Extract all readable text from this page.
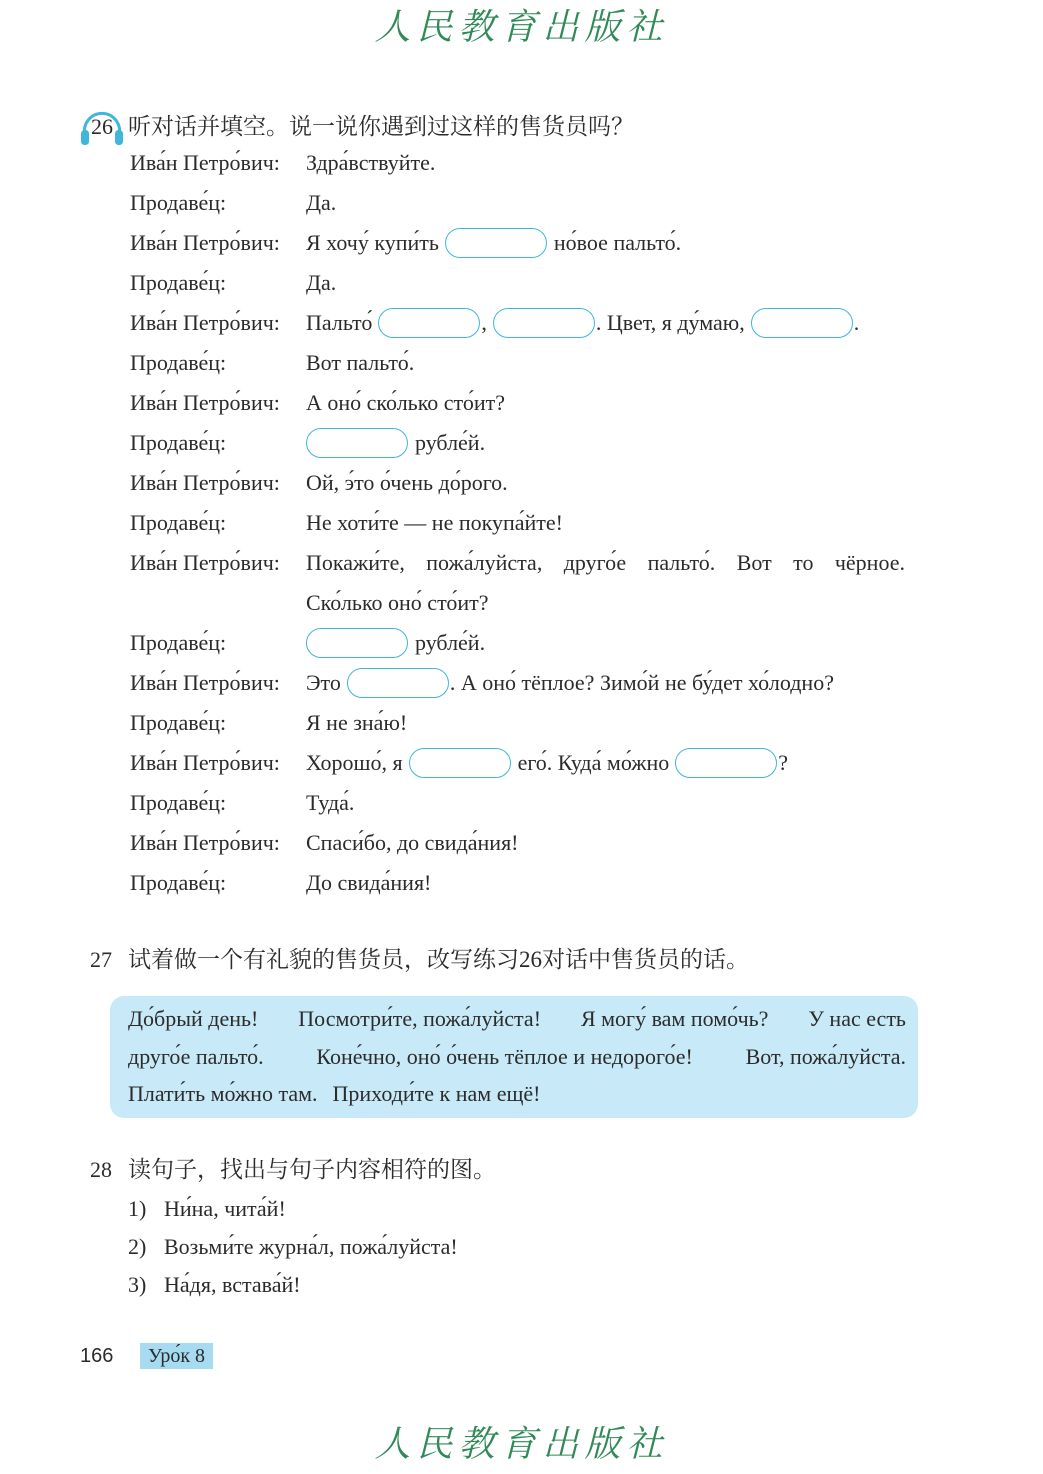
人民教育出版社
26 听对话并填空。说一说你遇到过这样的售货员吗？
Ива́н Петро́вич:	Здра́вствуйте.
Продаве́ц:	Да.
Ива́н Петро́вич:	Я хочу́ купи́ть	но́вое пальто́.
Продаве́ц:	Да.
Ива́н Петро́вич:	Пальто́	,	. Цвет, я ду́маю,	.
Продаве́ц:	Вот пальто́.
Ива́н Петро́вич:	А оно́ ско́лько сто́ит?
Продаве́ц:	рубле́й.
Ива́н Петро́вич:	Ой, э́то о́чень до́рого.
Продаве́ц:	Не хоти́те — не покупа́йте!
Ива́н Петро́вич:	Покажи́те, пожа́луйста, друго́е пальто́. Вот то чёрное.
Ско́лько оно́ сто́ит?
Продаве́ц:	рубле́й.
Ива́н Петро́вич:	Это	. А оно́ тёплое? Зимо́й не бу́дет хо́лодно?
Продаве́ц:	Я не зна́ю!
Ива́н Петро́вич:	Хорошо́, я	его́. Куда́ мо́жно	?
Продаве́ц:	Туда́.
Ива́н Петро́вич:	Спаси́бо, до свида́ния!
Продаве́ц:	До свида́ния!
27 试着做一个有礼貌的售货员，改写练习26对话中售货员的话。
До́брый день! Посмотри́те, пожа́луйста! Я могу́ вам помо́чь? У нас есть
друго́е пальто́. Коне́чно, оно́ о́чень тёплое и недорого́е! Вот, пожа́луйста.
Плати́ть мо́жно там. Приходи́те к нам ещё!
28 读句子，找出与句子内容相符的图。
1) Ни́на, чита́й!
2) Возьми́те журна́л, пожа́луйста!
3) На́дя, встава́й!
166	Уро́к 8
人民教育出版社
